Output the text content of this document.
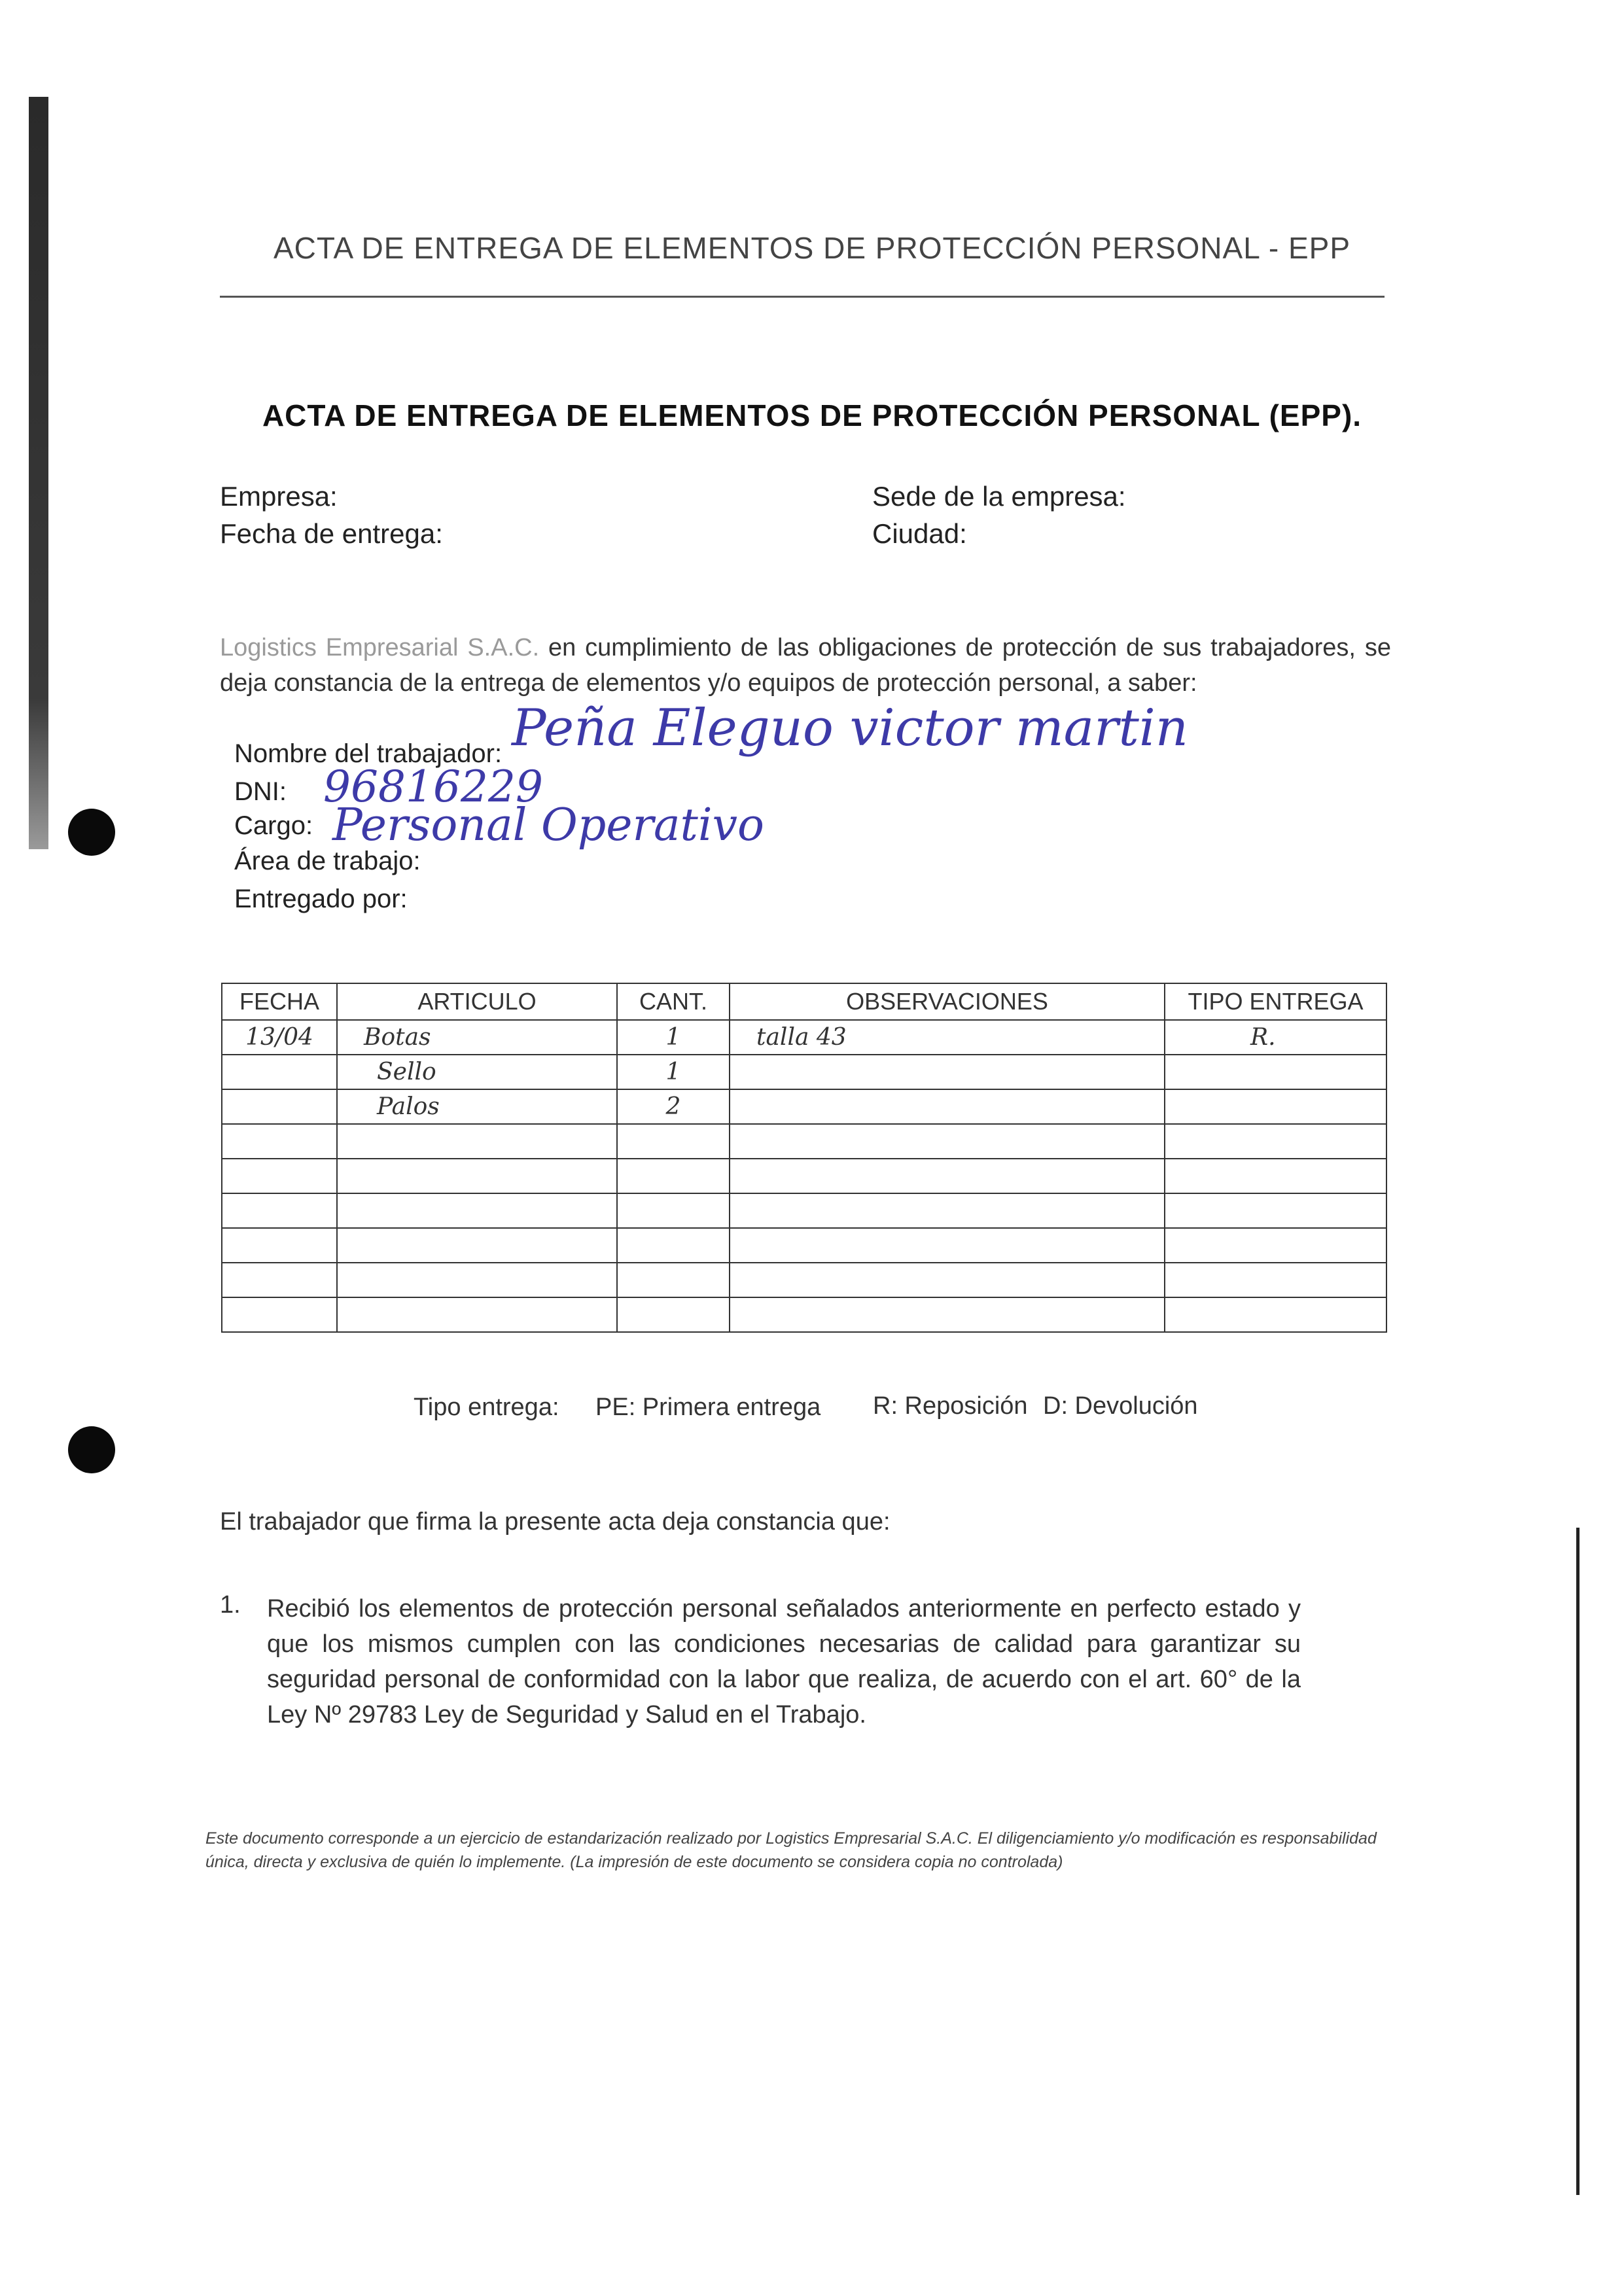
ACTA DE ENTREGA DE ELEMENTOS DE PROTECCIÓN PERSONAL - EPP
ACTA DE ENTREGA DE ELEMENTOS DE PROTECCIÓN PERSONAL (EPP).
Empresa:
Fecha de entrega:
Sede de la empresa:
Ciudad:
Logistics Empresarial S.A.C. en cumplimiento de las obligaciones de protección de sus trabajadores, se deja constancia de la entrega de elementos y/o equipos de protección personal, a saber:
Nombre del trabajador: Peña Eleguo victor martin
DNI: 96816229
Cargo: Personal Operativo
Área de trabajo:
Entregado por:
FECHA	ARTICULO	CANT.	OBSERVACIONES	TIPO ENTREGA
13/04	Botas	1	talla 43	R.
	Sello	1		
	Palos	2		

Tipo entrega: PE: Primera entrega R: Reposición D: Devolución
El trabajador que firma la presente acta deja constancia que:
1. Recibió los elementos de protección personal señalados anteriormente en perfecto estado y que los mismos cumplen con las condiciones necesarias de calidad para garantizar su seguridad personal de conformidad con la labor que realiza, de acuerdo con el art. 60° de la Ley Nº 29783 Ley de Seguridad y Salud en el Trabajo.
Este documento corresponde a un ejercicio de estandarización realizado por Logistics Empresarial S.A.C. El diligenciamiento y/o modificación es responsabilidad única, directa y exclusiva de quién lo implemente. (La impresión de este documento se considera copia no controlada)
